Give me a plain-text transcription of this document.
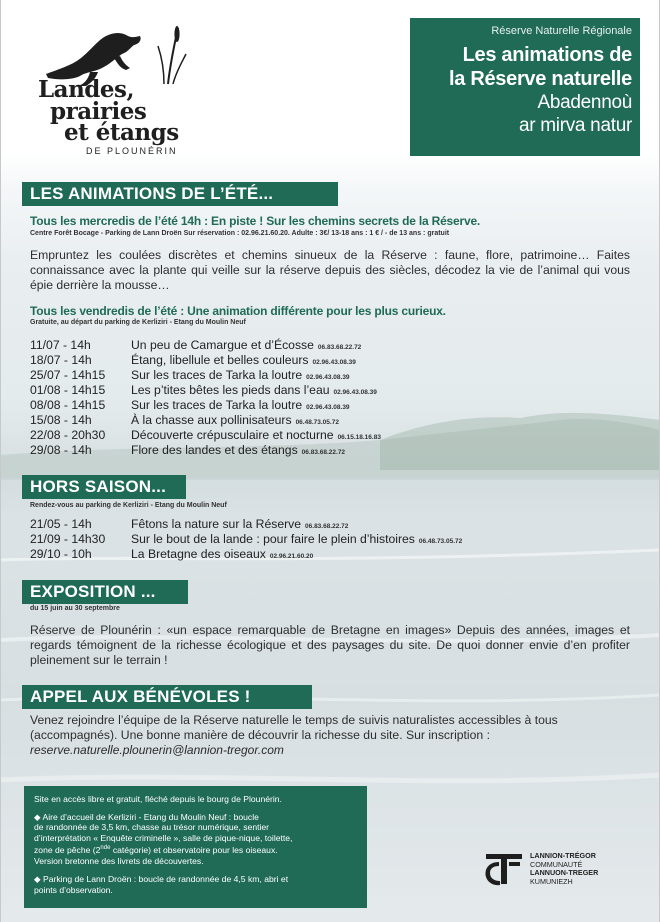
Landes,
prairies
et étangs
DE PLOUNÉRIN
Réserve Naturelle Régionale
Les animations de
la Réserve naturelle
Abadennoù
ar mirva natur
LES ANIMATIONS DE L’ÉTÉ...
Tous les mercredis de l’été 14h : En piste ! Sur les chemins secrets de la Réserve.
Centre Forêt Bocage - Parking de Lann Droën Sur réservation : 02.96.21.60.20. Adulte : 3€/ 13-18 ans : 1 € / - de 13 ans : gratuit
Empruntez les coulées discrètes et chemins sinueux de la Réserve : faune, flore, patrimoine… Faites connaissance avec la plante qui veille sur la réserve depuis des siècles, décodez la vie de l’animal qui vous épie derrière la mousse…
Tous les vendredis de l’été : Une animation différente pour les plus curieux.
Gratuite, au départ du parking de Kerliziri - Etang du Moulin Neuf
11/07 - 14h	Un peu de Camargue et d’Écosse 06.83.68.22.72
18/07 - 14h	Étang, libellule et belles couleurs 02.96.43.08.39
25/07 - 14h15 Sur les traces de Tarka la loutre 02.96.43.08.39
01/08 - 14h15 Les p’tites bêtes les pieds dans l’eau 02.96.43.08.39
08/08 - 14h15 Sur les traces de Tarka la loutre 02.96.43.08.39
15/08 - 14h	À la chasse aux pollinisateurs 06.48.73.05.72
22/08 - 20h30 Découverte crépusculaire et nocturne 06.15.18.16.83
29/08 - 14h	Flore des landes et des étangs 06.83.68.22.72
HORS SAISON...
Rendez-vous au parking de Kerliziri - Etang du Moulin Neuf
21/05 - 14h	Fêtons la nature sur la Réserve 06.83.68.22.72
21/09 - 14h30 Sur le bout de la lande : pour faire le plein d’histoires 06.48.73.05.72
29/10 - 10h	La Bretagne des oiseaux 02.96.21.60.20
EXPOSITION ...
du 15 juin au 30 septembre
Réserve de Plounérin : «un espace remarquable de Bretagne en images» Depuis des années, images et regards témoignent de la richesse écologique et des paysages du site. De quoi donner envie d’en profiter pleinement sur le terrain !
APPEL AUX BÉNÉVOLES !
Venez rejoindre l’équipe de la Réserve naturelle le temps de suivis naturalistes accessibles à tous (accompagnés). Une bonne manière de découvrir la richesse du site. Sur inscription :
reserve.naturelle.plounerin@lannion-tregor.com

Site en accès libre et gratuit, fléché depuis le bourg de Plounérin.

◆ Aire d’accueil de Kerliziri - Etang du Moulin Neuf : boucle
de randonnée de 3,5 km, chasse au trésor numérique, sentier
d’interprétation « Enquête criminelle », salle de pique-nique, toilette,
zone de pêche (2nde catégorie) et observatoire pour les oiseaux.
Version bretonne des livrets de découvertes.
◆ Parking de Lann Droën : boucle de randonnée de 4,5 km, abri et
points d’observation.
LANNION-TRÉGOR
COMMUNAUTÉ
LANNUON-TREGER
KUMUNIEZH
